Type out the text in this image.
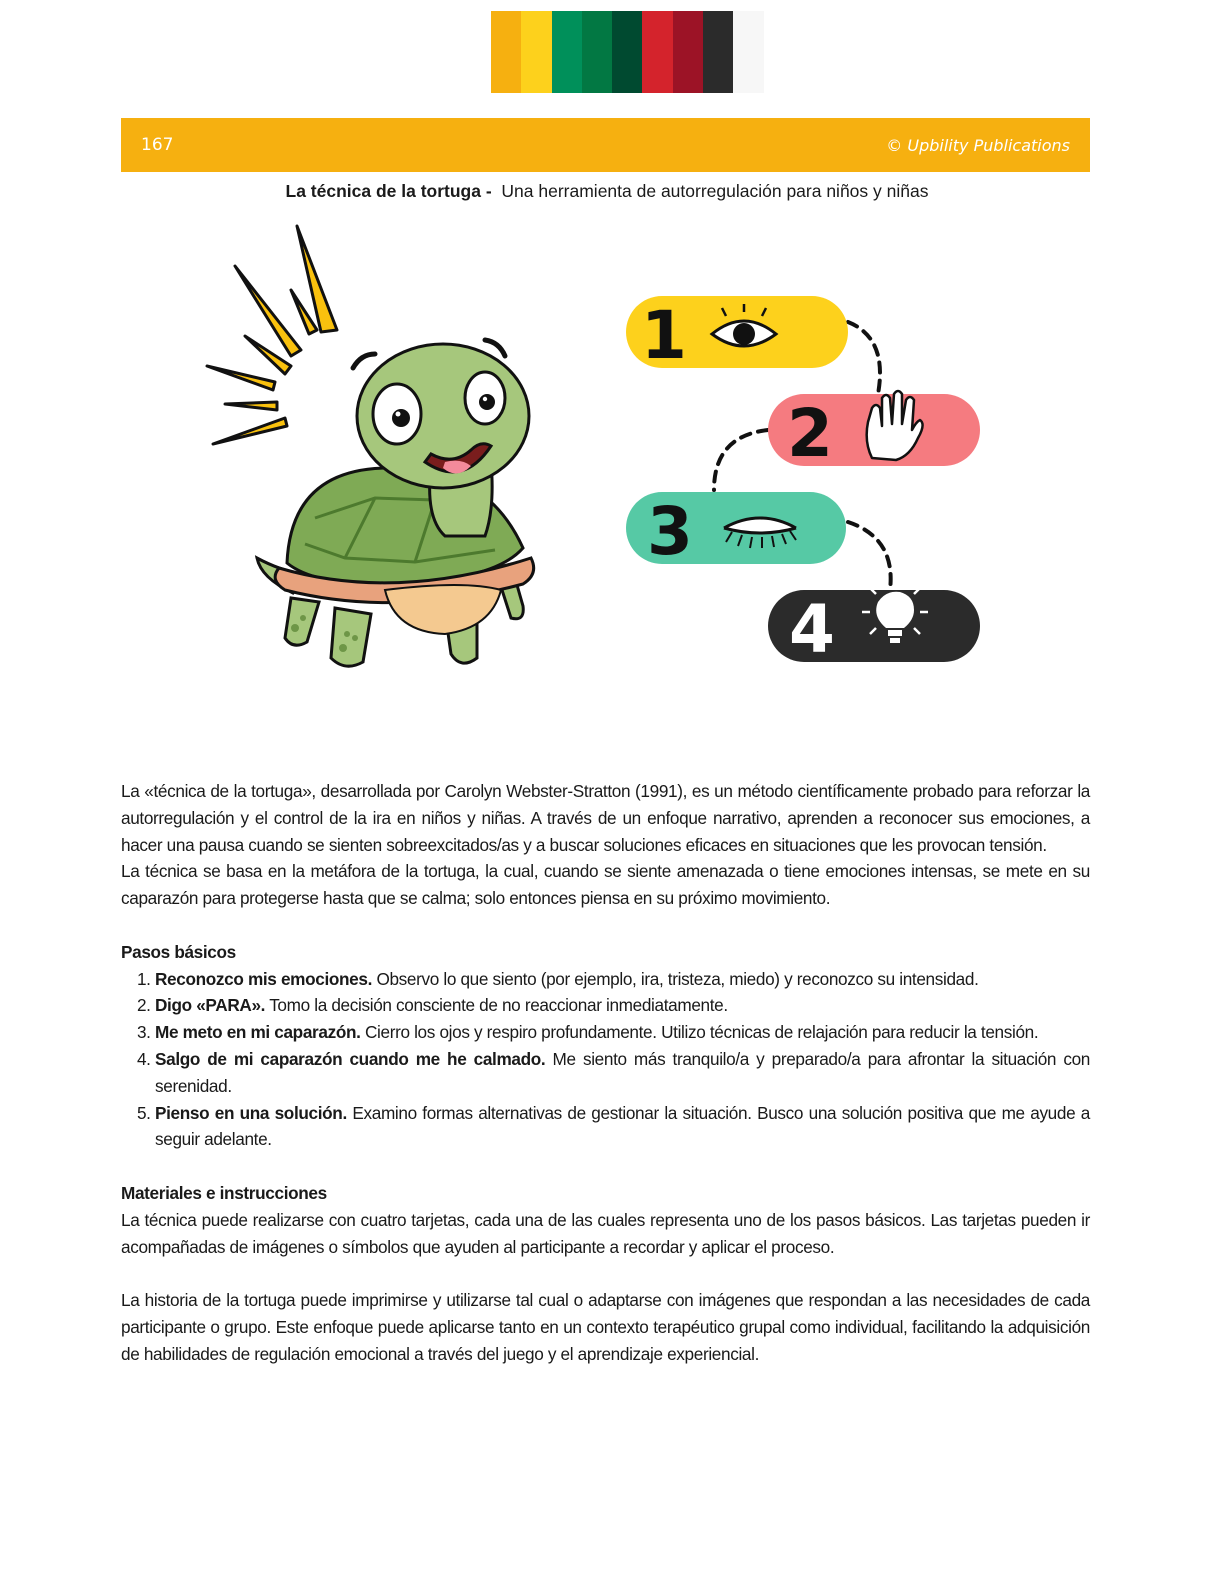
167	© Upbility Publications
La técnica de la tortuga - Una herramienta de autorregulación para niños y niñas
1
2
3
4

La «técnica de la tortuga», desarrollada por Carolyn Webster-Stratton (1991), es un método científicamente probado para reforzar la autorregulación y el control de la ira en niños y niñas. A través de un enfoque narrativo, aprenden a reconocer sus emociones, a hacer una pausa cuando se sienten sobreexcitados/as y a buscar soluciones eficaces en situaciones que les provocan tensión.

La técnica se basa en la metáfora de la tortuga, la cual, cuando se siente amenazada o tiene emociones intensas, se mete en su caparazón para protegerse hasta que se calma; solo entonces piensa en su próximo movimiento.

Pasos básicos

1. Reconozco mis emociones. Observo lo que siento (por ejemplo, ira, tristeza, miedo) y reconozco su intensidad.
2. Digo «PARA». Tomo la decisión consciente de no reaccionar inmediatamente.
3. Me meto en mi caparazón. Cierro los ojos y respiro profundamente. Utilizo técnicas de relajación para reducir la tensión.
4. Salgo de mi caparazón cuando me he calmado. Me siento más tranquilo/a y preparado/a para afrontar la situación con serenidad.
5. Pienso en una solución. Examino formas alternativas de gestionar la situación. Busco una solución positiva que me ayude a seguir adelante.

Materiales e instrucciones

La técnica puede realizarse con cuatro tarjetas, cada una de las cuales representa uno de los pasos básicos. Las tarjetas pueden ir acompañadas de imágenes o símbolos que ayuden al participante a recordar y aplicar el proceso.

La historia de la tortuga puede imprimirse y utilizarse tal cual o adaptarse con imágenes que respondan a las necesidades de cada participante o grupo. Este enfoque puede aplicarse tanto en un contexto terapéutico grupal como individual, facilitando la adquisición de habilidades de regulación emocional a través del juego y el aprendizaje experiencial.
